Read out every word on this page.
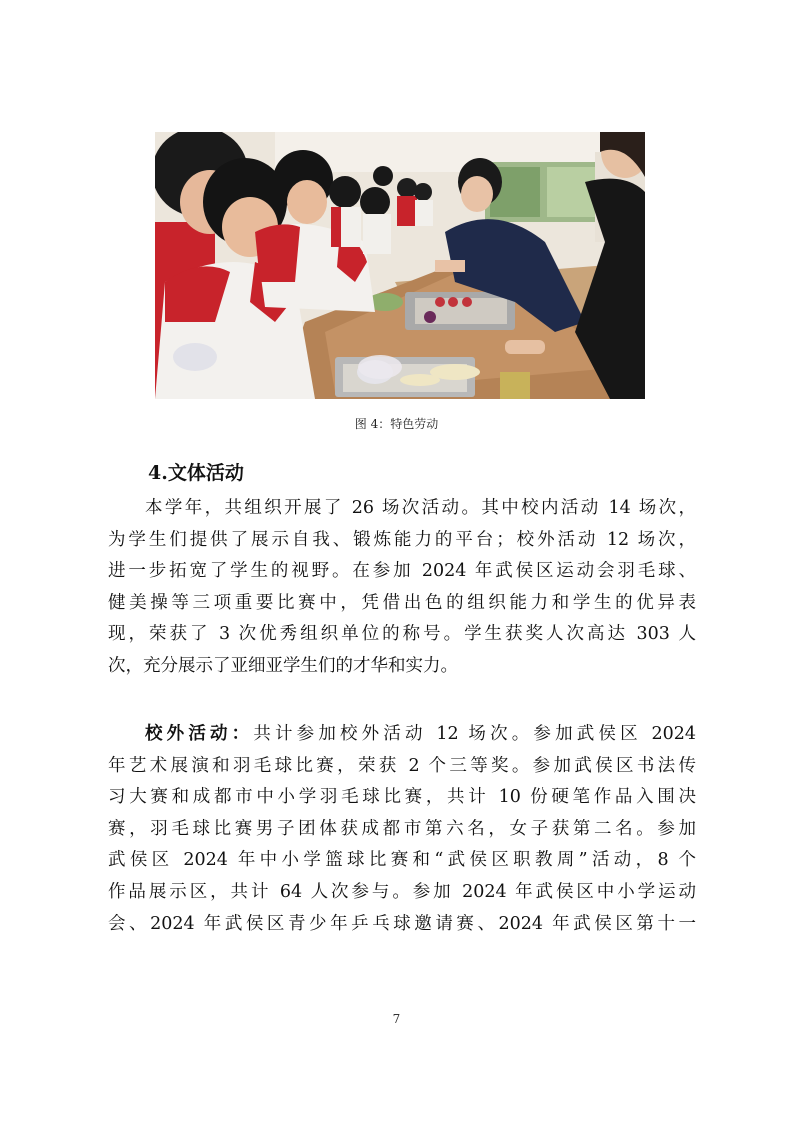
图 4：特色劳动
4.文体活动
本学年，共组织开展了 26 场次活动。其中校内活动 14 场次，
为学生们提供了展示自我、锻炼能力的平台；校外活动 12 场次，
进一步拓宽了学生的视野。在参加 2024 年武侯区运动会羽毛球、
健美操等三项重要比赛中，凭借出色的组织能力和学生的优异表
现，荣获了 3 次优秀组织单位的称号。学生获奖人次高达 303 人
次，充分展示了亚细亚学生们的才华和实力。
校外活动：共计参加校外活动 12 场次。参加武侯区 2024
年艺术展演和羽毛球比赛，荣获 2 个三等奖。参加武侯区书法传
习大赛和成都市中小学羽毛球比赛，共计 10 份硬笔作品入围决
赛，羽毛球比赛男子团体获成都市第六名，女子获第二名。参加
武侯区 2024 年中小学篮球比赛和“武侯区职教周”活动，8 个
作品展示区，共计 64 人次参与。参加 2024 年武侯区中小学运动
会、2024 年武侯区青少年乒乓球邀请赛、2024 年武侯区第十一
7
